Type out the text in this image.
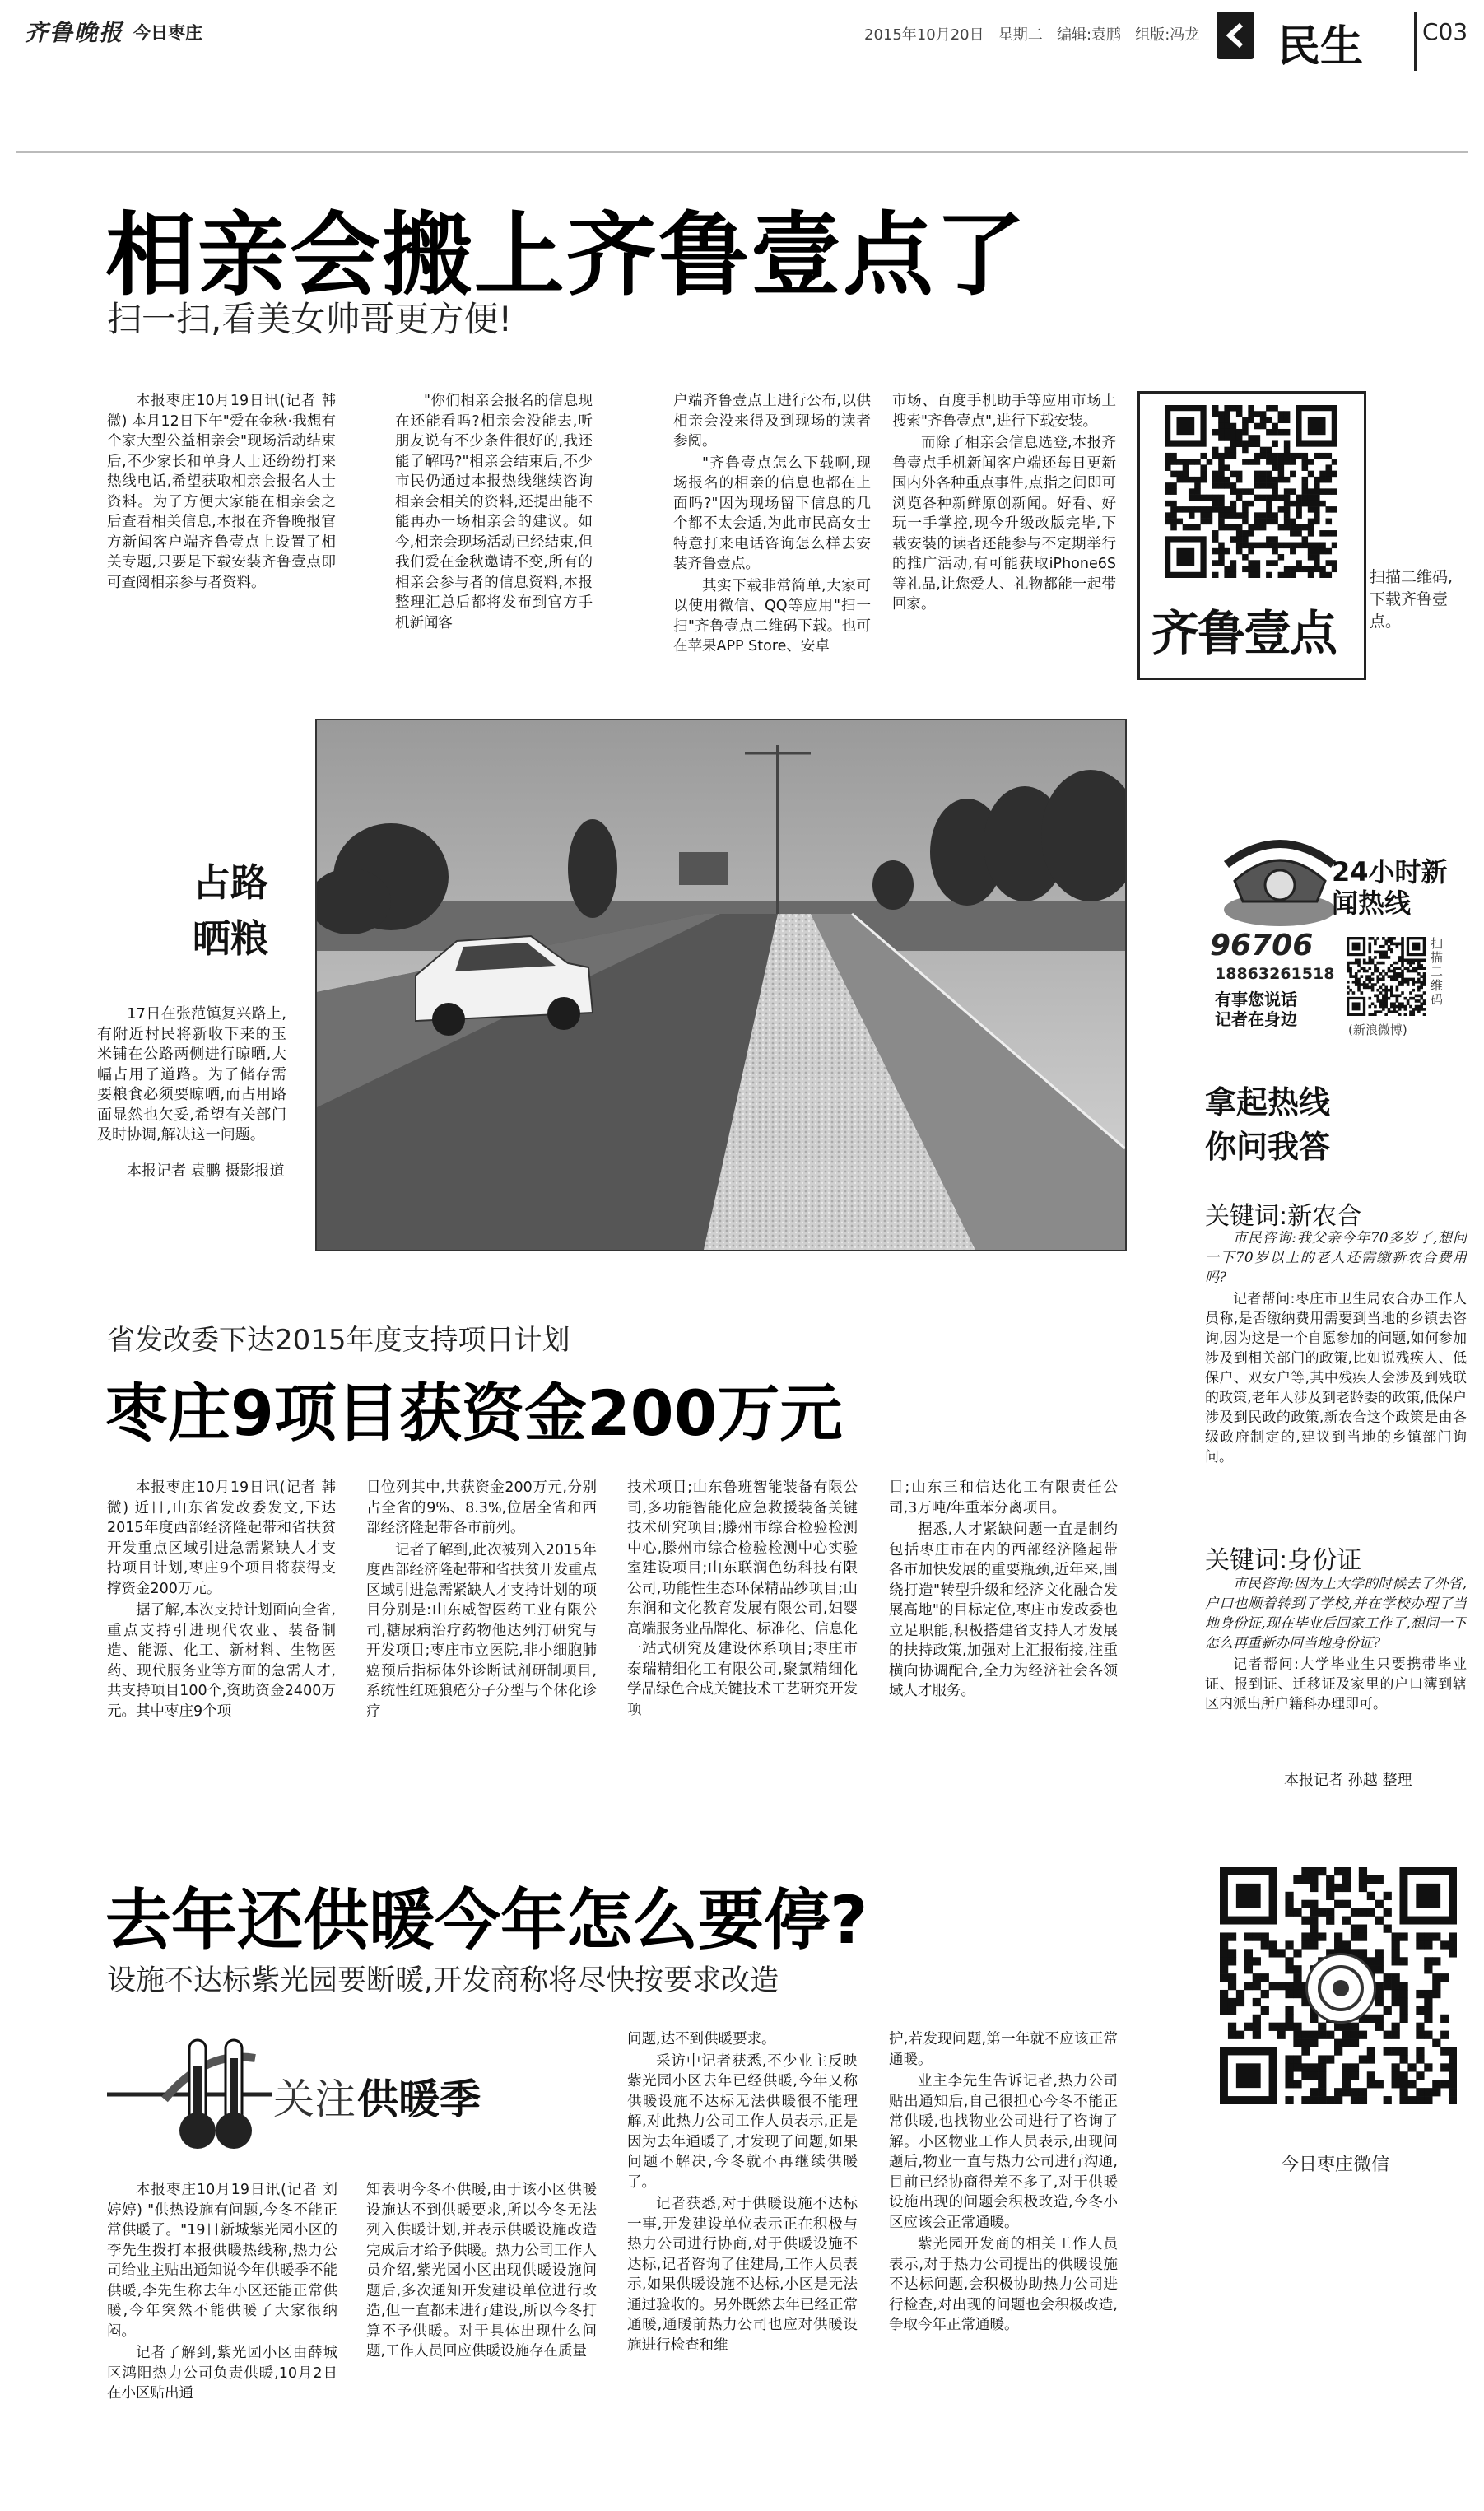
齐鲁晚报 今日枣庄	2015年10月20日 星期二 编辑:袁鹏 组版:冯龙 民生	C03
相亲会搬上齐鲁壹点了
扫一扫,看美女帅哥更方便!

本报枣庄10月19日讯(记者 韩微) 本月12日下午"爱在金秋·我想有个家大型公益相亲会"现场活动结束后,不少家长和单身人士还纷纷打来热线电话,希望获取相亲会报名人士资料。为了方便大家能在相亲会之后查看相关信息,本报在齐鲁晚报官方新闻客户端齐鲁壹点上设置了相关专题,只要是下载安装齐鲁壹点即可查阅相亲参与者资料。

"你们相亲会报名的信息现在还能看吗?相亲会没能去,听朋友说有不少条件很好的,我还能了解吗?"相亲会结束后,不少市民仍通过本报热线继续咨询相亲会相关的资料,还提出能不能再办一场相亲会的建议。如今,相亲会现场活动已经结束,但我们爱在金秋邀请不变,所有的相亲会参与者的信息资料,本报整理汇总后都将发布到官方手机新闻客

户端齐鲁壹点上进行公布,以供相亲会没来得及到现场的读者参阅。

"齐鲁壹点怎么下载啊,现场报名的相亲的信息也都在上面吗?"因为现场留下信息的几个都不太会适,为此市民高女士特意打来电话咨询怎么样去安装齐鲁壹点。

其实下载非常简单,大家可以使用微信、QQ等应用"扫一扫"齐鲁壹点二维码下载。也可在苹果APP Store、安卓

市场、百度手机助手等应用市场上搜索"齐鲁壹点",进行下载安装。

而除了相亲会信息选登,本报齐鲁壹点手机新闻客户端还每日更新国内外各种重点事件,点指之间即可浏览各种新鲜原创新闻。好看、好玩一手掌控,现今升级改版完毕,下载安装的读者还能参与不定期举行的推广活动,有可能获取iPhone6S等礼品,让您爱人、礼物都能一起带回家。

齐鲁壹点
扫描二维码,下载齐鲁壹点。
占路
晒粮

17日在张范镇复兴路上,有附近村民将新收下来的玉米铺在公路两侧进行晾晒,大幅占用了道路。为了储存需要粮食必须要晾晒,而占用路面显然也欠妥,希望有关部门及时协调,解决这一问题。

本报记者 袁鹏 摄影报道
24小时新闻热线
96706
18863261518
有事您说话
记者在身边
扫描二维码
(新浪微博)
拿起热线
你问我答
关键词:新农合

市民咨询:我父亲今年70多岁了,想问一下70岁以上的老人还需缴新农合费用吗?

记者帮问:枣庄市卫生局农合办工作人员称,是否缴纳费用需要到当地的乡镇去咨询,因为这是一个自愿参加的问题,如何参加涉及到相关部门的政策,比如说残疾人、低保户、双女户等,其中残疾人会涉及到残联的政策,老年人涉及到老龄委的政策,低保户涉及到民政的政策,新农合这个政策是由各级政府制定的,建议到当地的乡镇部门询问。

关键词:身份证

市民咨询:因为上大学的时候去了外省,户口也顺着转到了学校,并在学校办理了当地身份证,现在毕业后回家工作了,想问一下怎么再重新办回当地身份证?

记者帮问:大学毕业生只要携带毕业证、报到证、迁移证及家里的户口簿到辖区内派出所户籍科办理即可。

本报记者 孙越 整理
省发改委下达2015年度支持项目计划
枣庄9项目获资金200万元

本报枣庄10月19日讯(记者 韩微) 近日,山东省发改委发文,下达2015年度西部经济隆起带和省扶贫开发重点区域引进急需紧缺人才支持项目计划,枣庄9个项目将获得支撑资金200万元。

据了解,本次支持计划面向全省,重点支持引进现代农业、装备制造、能源、化工、新材料、生物医药、现代服务业等方面的急需人才,共支持项目100个,资助资金2400万元。其中枣庄9个项

目位列其中,共获资金200万元,分别占全省的9%、8.3%,位居全省和西部经济隆起带各市前列。

记者了解到,此次被列入2015年度西部经济隆起带和省扶贫开发重点区域引进急需紧缺人才支持计划的项目分别是:山东威智医药工业有限公司,糖尿病治疗药物他达列汀研究与开发项目;枣庄市立医院,非小细胞肺癌预后指标体外诊断试剂研制项目,系统性红斑狼疮分子分型与个体化诊疗

技术项目;山东鲁班智能装备有限公司,多功能智能化应急救援装备关键技术研究项目;滕州市综合检验检测中心,滕州市综合检验检测中心实验室建设项目;山东联润色纺科技有限公司,功能性生态环保精品纱项目;山东润和文化教育发展有限公司,妇婴高端服务业品牌化、标准化、信息化一站式研究及建设体系项目;枣庄市泰瑞精细化工有限公司,聚氯精细化学品绿色合成关键技术工艺研究开发项

目;山东三和信达化工有限责任公司,3万吨/年重苯分离项目。

据悉,人才紧缺问题一直是制约包括枣庄市在内的西部经济隆起带各市加快发展的重要瓶颈,近年来,围绕打造"转型升级和经济文化融合发展高地"的目标定位,枣庄市发改委也立足职能,积极搭建省支持人才发展的扶持政策,加强对上汇报衔接,注重横向协调配合,全力为经济社会各领域人才服务。

去年还供暖今年怎么要停?
设施不达标紫光园要断暖,开发商称将尽快按要求改造
关注 供暖季

本报枣庄10月19日讯(记者 刘婷婷) "供热设施有问题,今冬不能正常供暖了。"19日新城紫光园小区的李先生拨打本报供暖热线称,热力公司给业主贴出通知说今年供暖季不能供暖,李先生称去年小区还能正常供暖,今年突然不能供暖了大家很纳闷。

记者了解到,紫光园小区由薛城区鸿阳热力公司负责供暖,10月2日在小区贴出通

知表明今冬不供暖,由于该小区供暖设施达不到供暖要求,所以今冬无法列入供暖计划,并表示供暖设施改造完成后才给予供暖。热力公司工作人员介绍,紫光园小区出现供暖设施问题后,多次通知开发建设单位进行改造,但一直都未进行建设,所以今冬打算不予供暖。对于具体出现什么问题,工作人员回应供暖设施存在质量

问题,达不到供暖要求。

采访中记者获悉,不少业主反映紫光园小区去年已经供暖,今年又称供暖设施不达标无法供暖很不能理解,对此热力公司工作人员表示,正是因为去年通暖了,才发现了问题,如果问题不解决,今冬就不再继续供暖了。

记者获悉,对于供暖设施不达标一事,开发建设单位表示正在积极与热力公司进行协商,对于供暖设施不达标,记者咨询了住建局,工作人员表示,如果供暖设施不达标,小区是无法通过验收的。另外既然去年已经正常通暖,通暖前热力公司也应对供暖设施进行检查和维

护,若发现问题,第一年就不应该正常通暖。

业主李先生告诉记者,热力公司贴出通知后,自己很担心今冬不能正常供暖,也找物业公司进行了咨询了解。小区物业工作人员表示,出现问题后,物业一直与热力公司进行沟通,目前已经协商得差不多了,对于供暖设施出现的问题会积极改造,今冬小区应该会正常通暖。

紫光园开发商的相关工作人员表示,对于热力公司提出的供暖设施不达标问题,会积极协助热力公司进行检查,对出现的问题也会积极改造,争取今年正常通暖。

今日枣庄微信
